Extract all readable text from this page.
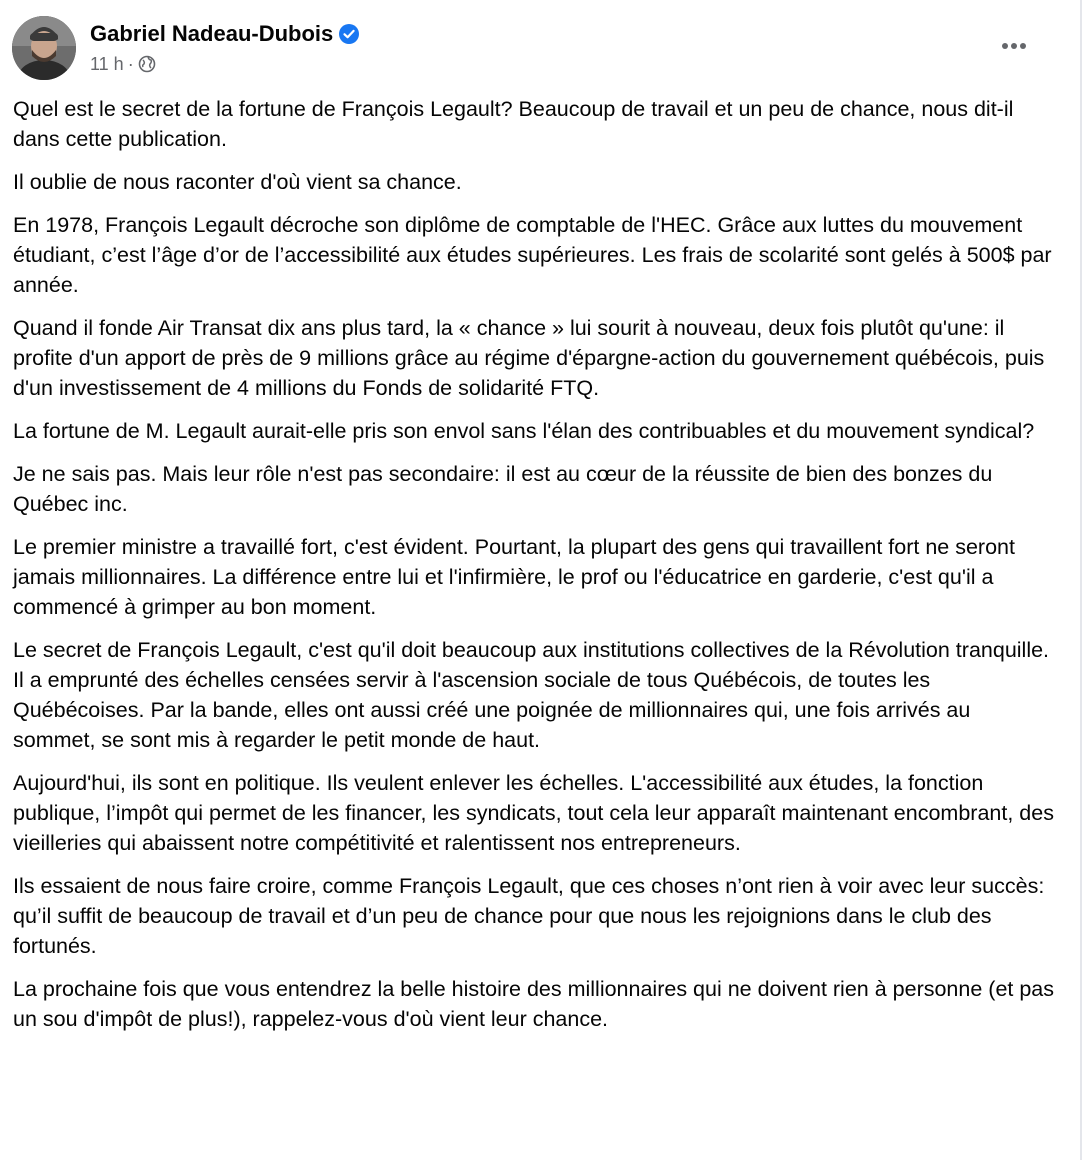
Gabriel Nadeau-Dubois
11 h ·

Quel est le secret de la fortune de François Legault? Beaucoup de travail et un peu de chance, nous dit-il dans cette publication.

Il oublie de nous raconter d'où vient sa chance.

En 1978, François Legault décroche son diplôme de comptable de l'HEC. Grâce aux luttes du mouvement étudiant, c’est l’âge d’or de l’accessibilité aux études supérieures. Les frais de scolarité sont gelés à 500$ par année.

Quand il fonde Air Transat dix ans plus tard, la « chance » lui sourit à nouveau, deux fois plutôt qu'une: il profite d'un apport de près de 9 millions grâce au régime d'épargne-action du gouvernement québécois, puis d'un investissement de 4 millions du Fonds de solidarité FTQ.

La fortune de M. Legault aurait-elle pris son envol sans l'élan des contribuables et du mouvement syndical?

Je ne sais pas. Mais leur rôle n'est pas secondaire: il est au cœur de la réussite de bien des bonzes du Québec inc.

Le premier ministre a travaillé fort, c'est évident. Pourtant, la plupart des gens qui travaillent fort ne seront jamais millionnaires. La différence entre lui et l'infirmière, le prof ou l'éducatrice en garderie, c'est qu'il a commencé à grimper au bon moment.

Le secret de François Legault, c'est qu'il doit beaucoup aux institutions collectives de la Révolution tranquille. Il a emprunté des échelles censées servir à l'ascension sociale de tous Québécois, de toutes les Québécoises. Par la bande, elles ont aussi créé une poignée de millionnaires qui, une fois arrivés au sommet, se sont mis à regarder le petit monde de haut.

Aujourd'hui, ils sont en politique. Ils veulent enlever les échelles. L'accessibilité aux études, la fonction publique, l’impôt qui permet de les financer, les syndicats, tout cela leur apparaît maintenant encombrant, des vieilleries qui abaissent notre compétitivité et ralentissent nos entrepreneurs.

Ils essaient de nous faire croire, comme François Legault, que ces choses n’ont rien à voir avec leur succès: qu’il suffit de beaucoup de travail et d’un peu de chance pour que nous les rejoignions dans le club des fortunés.

La prochaine fois que vous entendrez la belle histoire des millionnaires qui ne doivent rien à personne (et pas un sou d'impôt de plus!), rappelez-vous d'où vient leur chance.
